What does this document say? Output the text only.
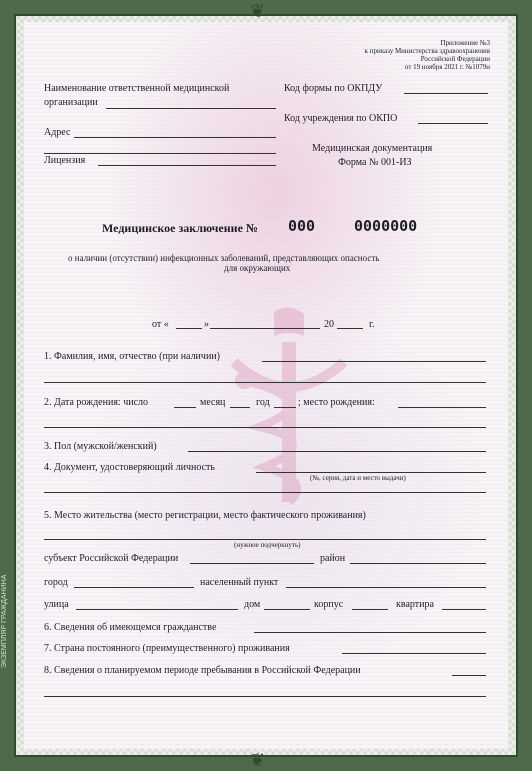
❦
❦
Приложение №3
к приказу Министерства здравоохранения
Российской Федерации
от 19 ноября 2021 г. №1079н
Наименование ответственной медицинской
организации
Адрес
Лицензия
Код формы по ОКПДУ
Код учреждения по ОКПО
Медицинская документация
Форма № 001-ИЗ
Медицинское заключение № 000	0000000
о наличии (отсутствии) инфекционных заболеваний, представляющих опасность
для окружающих
от «	»	20	г.
1. Фамилия, имя, отчество (при наличии)
2. Дата рождения: число	месяц	год	; место рождения:
3. Пол (мужской/женский)
4. Документ, удостоверяющий личность
(№, серия, дата и место выдачи)
5. Место жительства (место регистрации, место фактического проживания)
(нужное подчеркнуть)
субъект Российской Федерации	район
город	населенный пункт
улица	дом	корпус	квартира
6. Сведения об имеющемся гражданстве
7. Страна постоянного (преимущественного) проживания
8. Сведения о планируемом периоде пребывания в Российской Федерации
ЭКЗЕМПЛЯР ГРАЖДАНИНА
